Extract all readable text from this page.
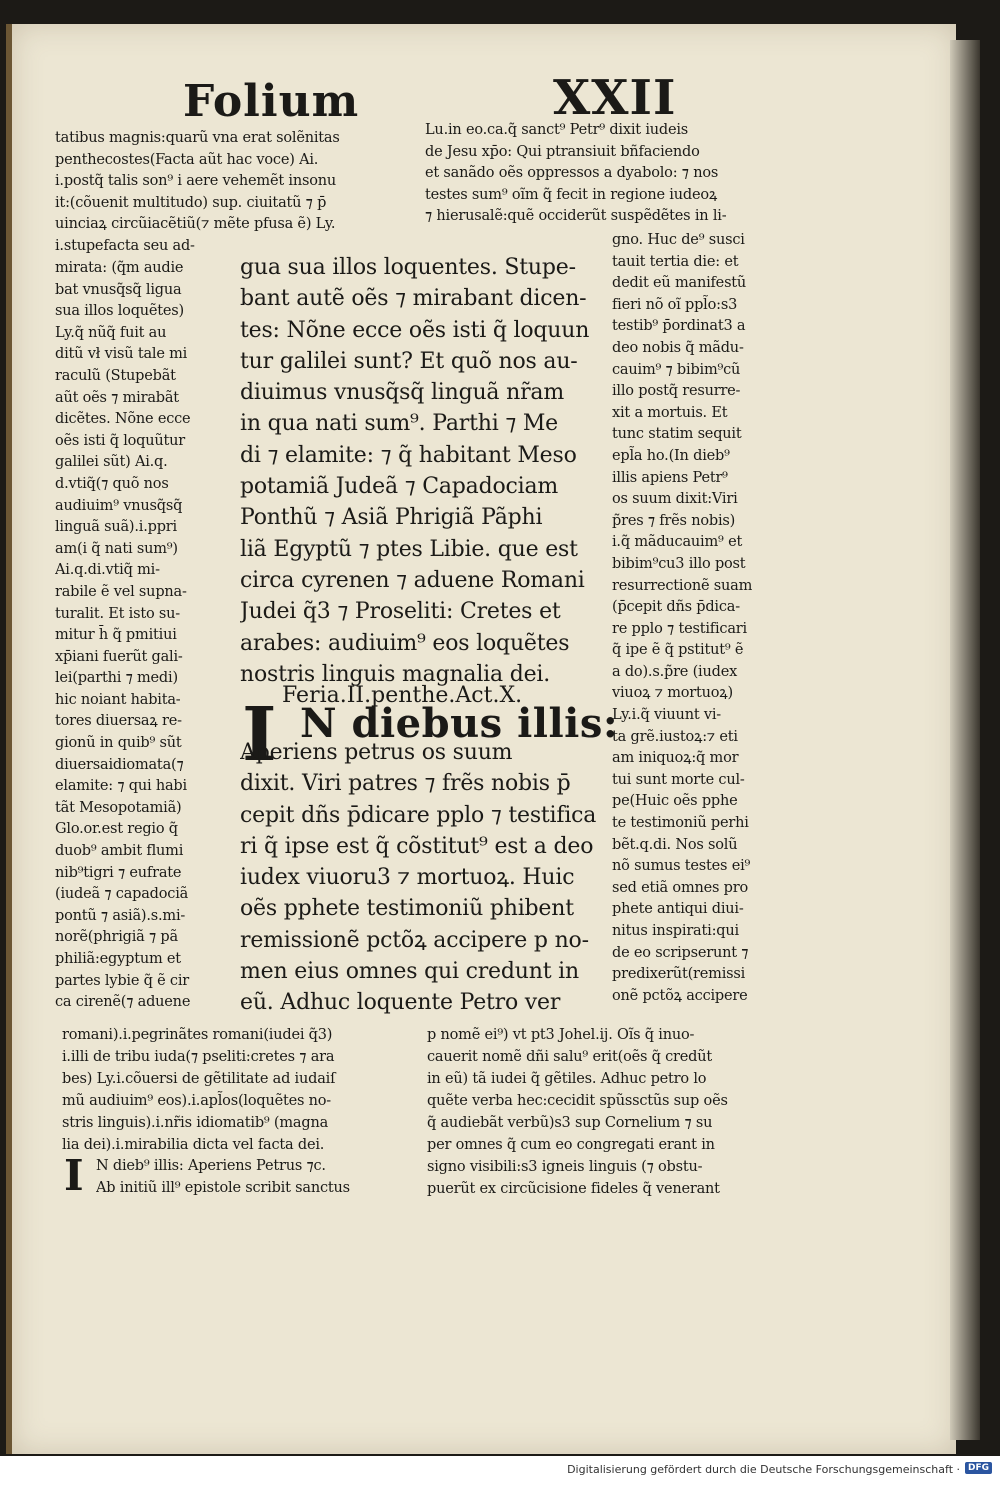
Folium	XXII
tatibus magnis:quarũ vna erat solẽnitas
penthecostes(Facta aũt hac voce) Ai.
i.postq̃ talis son⁹ i aere vehemẽt insonu
it:(cõuenit multitudo) sup. ciuitatũ ⁊ p̄
uinciaꝝ circũiacẽtiũ(⁊ mẽte pfusa ẽ) Ly.
i.stupefacta seu ad-
Lu.in eo.ca.q̃ sanct⁹ Petr⁹ dixit iudeis
de Jesu xp̄o: Qui ptransiuit bñfaciendo
et sanãdo oẽs oppressos a dyabolo: ⁊ nos
testes sum⁹ oĩm q̃ fecit in regione iudeoꝝ
⁊ hierusalẽ:quẽ occiderũt suspẽdẽtes in li-
mirata: (q̃m audie
bat vnusq̃sq̃ ligua
sua illos loquẽtes)
Ly.q̃ nũq̃ fuit au
ditũ vł visũ tale mi
raculũ (Stupebãt
aũt oẽs ⁊ mirabãt
dicẽtes. Nõne ecce
oẽs isti q̃ loquũtur
galilei sũt) Ai.q.
d.vtiq̃(⁊ quõ nos
audiuim⁹ vnusq̃sq̃
linguã suã).i.ppri
am(i q̃ nati sum⁹)
Ai.q.di.vtiq̃ mi-
rabile ẽ vel supna-
turalit. Et isto su-
mitur h̄ q̃ pmitiui
xp̄iani fuerũt gali-
lei(parthi ⁊ medi)
hic noiant habita-
tores diuersaꝝ re-
gionũ in quib⁹ sũt
diuersaidiomata(⁊
elamite: ⁊ qui habi
tãt Mesopotamiã)
Glo.or.est regio q̃
duob⁹ ambit flumi
nib⁹tigri ⁊ eufrate
(iudeã ⁊ capadociã
pontũ ⁊ asiã).s.mi-
norẽ(phrigiã ⁊ pã
philiã:egyptum et
partes lybie q̃ ẽ cir
ca cirenẽ(⁊ aduene
gno. Huc de⁹ susci
tauit tertia die: et
dedit eũ manifestũ
fieri nõ oĩ ppl̃o:s3
testib⁹ p̄ordinat3 a
deo nobis q̃ mãdu-
cauim⁹ ⁊ bibim⁹cũ
illo postq̃ resurre-
xit a mortuis. Et
tunc statim sequit
epl̃a ho.(In dieb⁹
illis apiens Petr⁹
os suum dixit:Viri
p̃res ⁊ frẽs nobis)
i.q̃ mãducauim⁹ et
bibim⁹cu3 illo post
resurrectionẽ suam
(p̄cepit dñs p̄dica-
re pplo ⁊ testificari
q̃ ipe ẽ q̃ pstitut⁹ ẽ
a do).s.p̃re (iudex
viuoꝝ ⁊ mortuoꝝ)
Ly.i.q̃ viuunt vi-
ta grẽ.iustoꝝ:⁊ eti
am iniquoꝝ:q̃ mor
tui sunt morte cul-
pe(Huic oẽs pphe
te testimoniũ perhi
bẽt.q.di. Nos solũ
nõ sumus testes ei⁹
sed etiã omnes pro
phete antiqui diui-
nitus inspirati:qui
de eo scripserunt ⁊
predixerũt(remissi
onẽ pctõꝝ accipere
gua sua illos loquentes. Stupe-
bant autẽ oẽs ⁊ mirabant dicen-
tes: Nõne ecce oẽs isti q̃ loquun
tur galilei sunt? Et quõ nos au-
diuimus vnusq̃sq̃ linguã nr̃am
in qua nati sum⁹. Parthi ⁊ Me
di ⁊ elamite: ⁊ q̃ habitant Meso
potamiã Judeã ⁊ Capadociam
Ponthũ ⁊ Asiã Phrigiã Pãphi
liã Egyptũ ⁊ ptes Libie. que est
circa cyrenen ⁊ aduene Romani
Judei q̃3 ⁊ Proseliti: Cretes et
arabes: audiuim⁹ eos loquẽtes
nostris linguis magnalia dei.
Feria.II.penthe.Act.X.
I N diebus illis:
Aperiens petrus os suum
dixit. Viri patres ⁊ frẽs nobis p̄
cepit dñs p̄dicare pplo ⁊ testifica
ri q̃ ipse est q̃ cõstitut⁹ est a deo
iudex viuoru3 ⁊ mortuoꝝ. Huic
oẽs pphete testimoniũ phibent
remissionẽ pctõꝝ accipere p no-
men eius omnes qui credunt in
eũ. Adhuc loquente Petro ver
romani).i.pegrinãtes romani(iudei q̃3)
i.illi de tribu iuda(⁊ pseliti:cretes ⁊ ara
bes) Ly.i.cõuersi de gẽtilitate ad iudaiſ
mũ audiuim⁹ eos).i.apl̃os(loquẽtes no-
stris linguis).i.nr̃is idiomatib⁹ (magna
lia dei).i.mirabilia dicta vel facta dei.
I N dieb⁹ illis: Aperiens Petrus ⁊c.
Ab initiũ ill⁹ epistole scribit sanctus
p nomẽ ei⁹) vt pt3 Johel.ij. Oĩs q̃ inuo-
cauerit nomẽ dñi salu⁹ erit(oẽs q̃ credũt
in eũ) tã iudei q̃ gẽtiles. Adhuc petro lo
quẽte verba hec:cecidit spũssctũs sup oẽs
q̃ audiebãt verbũ)s3 sup Cornelium ⁊ su
per omnes q̃ cum eo congregati erant in
signo visibili:s3 igneis linguis (⁊ obstu-
puerũt ex circũcisione fideles q̃ venerant
Digitalisierung gefördert durch die Deutsche Forschungsgemeinschaft · DFG
